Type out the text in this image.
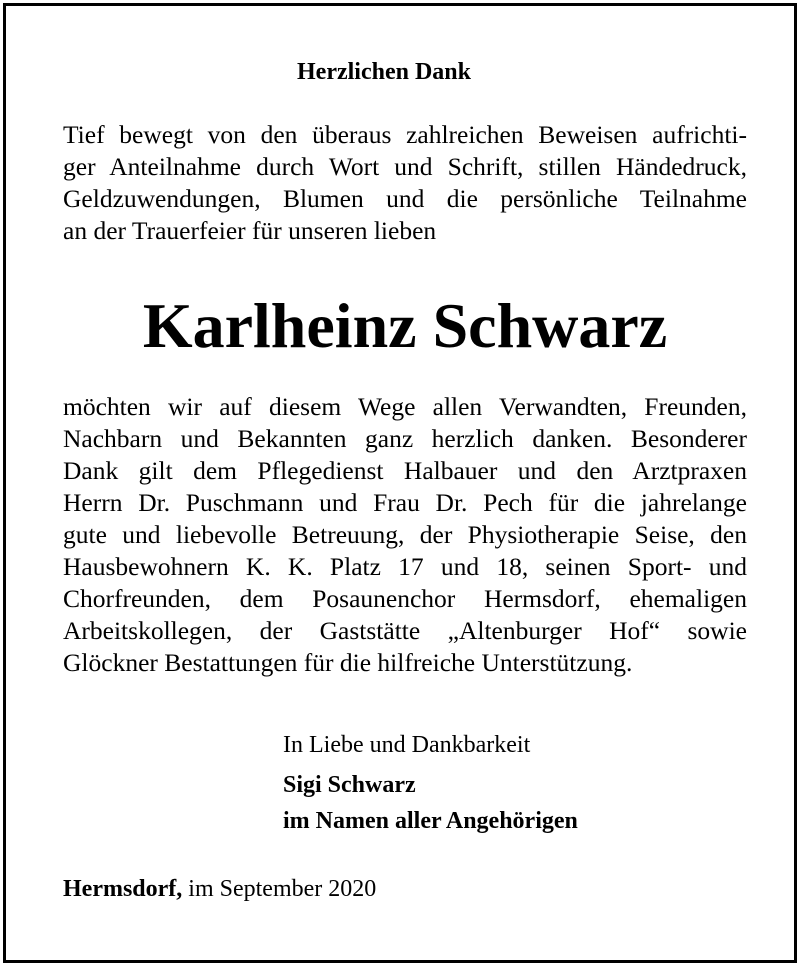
Herzlichen Dank
Tief bewegt von den überaus zahlreichen Beweisen aufrichti-
ger Anteilnahme durch Wort und Schrift, stillen Händedruck,
Geldzuwendungen, Blumen und die persönliche Teilnahme
an der Trauerfeier für unseren lieben
Karlheinz Schwarz
möchten wir auf diesem Wege allen Verwandten, Freunden,
Nachbarn und Bekannten ganz herzlich danken. Besonderer
Dank gilt dem Pflegedienst Halbauer und den Arztpraxen
Herrn Dr. Puschmann und Frau Dr. Pech für die jahrelange
gute und liebevolle Betreuung, der Physiotherapie Seise, den
Hausbewohnern K. K. Platz 17 und 18, seinen Sport- und
Chorfreunden, dem Posaunenchor Hermsdorf, ehemaligen
Arbeitskollegen, der Gaststätte „Altenburger Hof“ sowie
Glöckner Bestattungen für die hilfreiche Unterstützung.
In Liebe und Dankbarkeit
Sigi Schwarz
im Namen aller Angehörigen
Hermsdorf, im September 2020
